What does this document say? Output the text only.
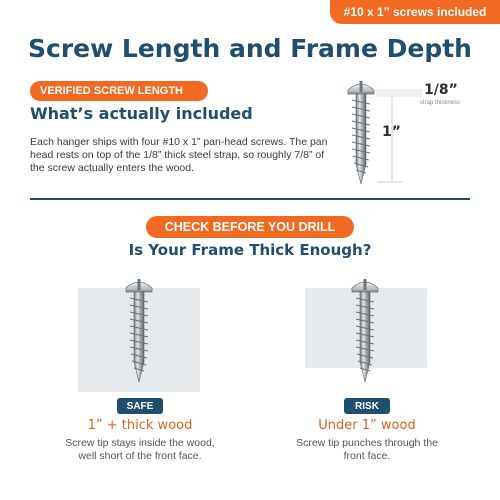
#10 x 1” screws included
Screw Length and Frame Depth
VERIFIED SCREW LENGTH
What’s actually included
Each hanger ships with four #10 x 1” pan-head screws. The pan head rests on top of the 1/8” thick steel strap, so roughly 7/8” of the screw actually enters the wood.
1/8”
strap thickness
1”
CHECK BEFORE YOU DRILL
Is Your Frame Thick Enough?
SAFE
1” + thick wood
Screw tip stays inside the wood, well short of the front face.
RISK
Under 1” wood
Screw tip punches through the front face.
